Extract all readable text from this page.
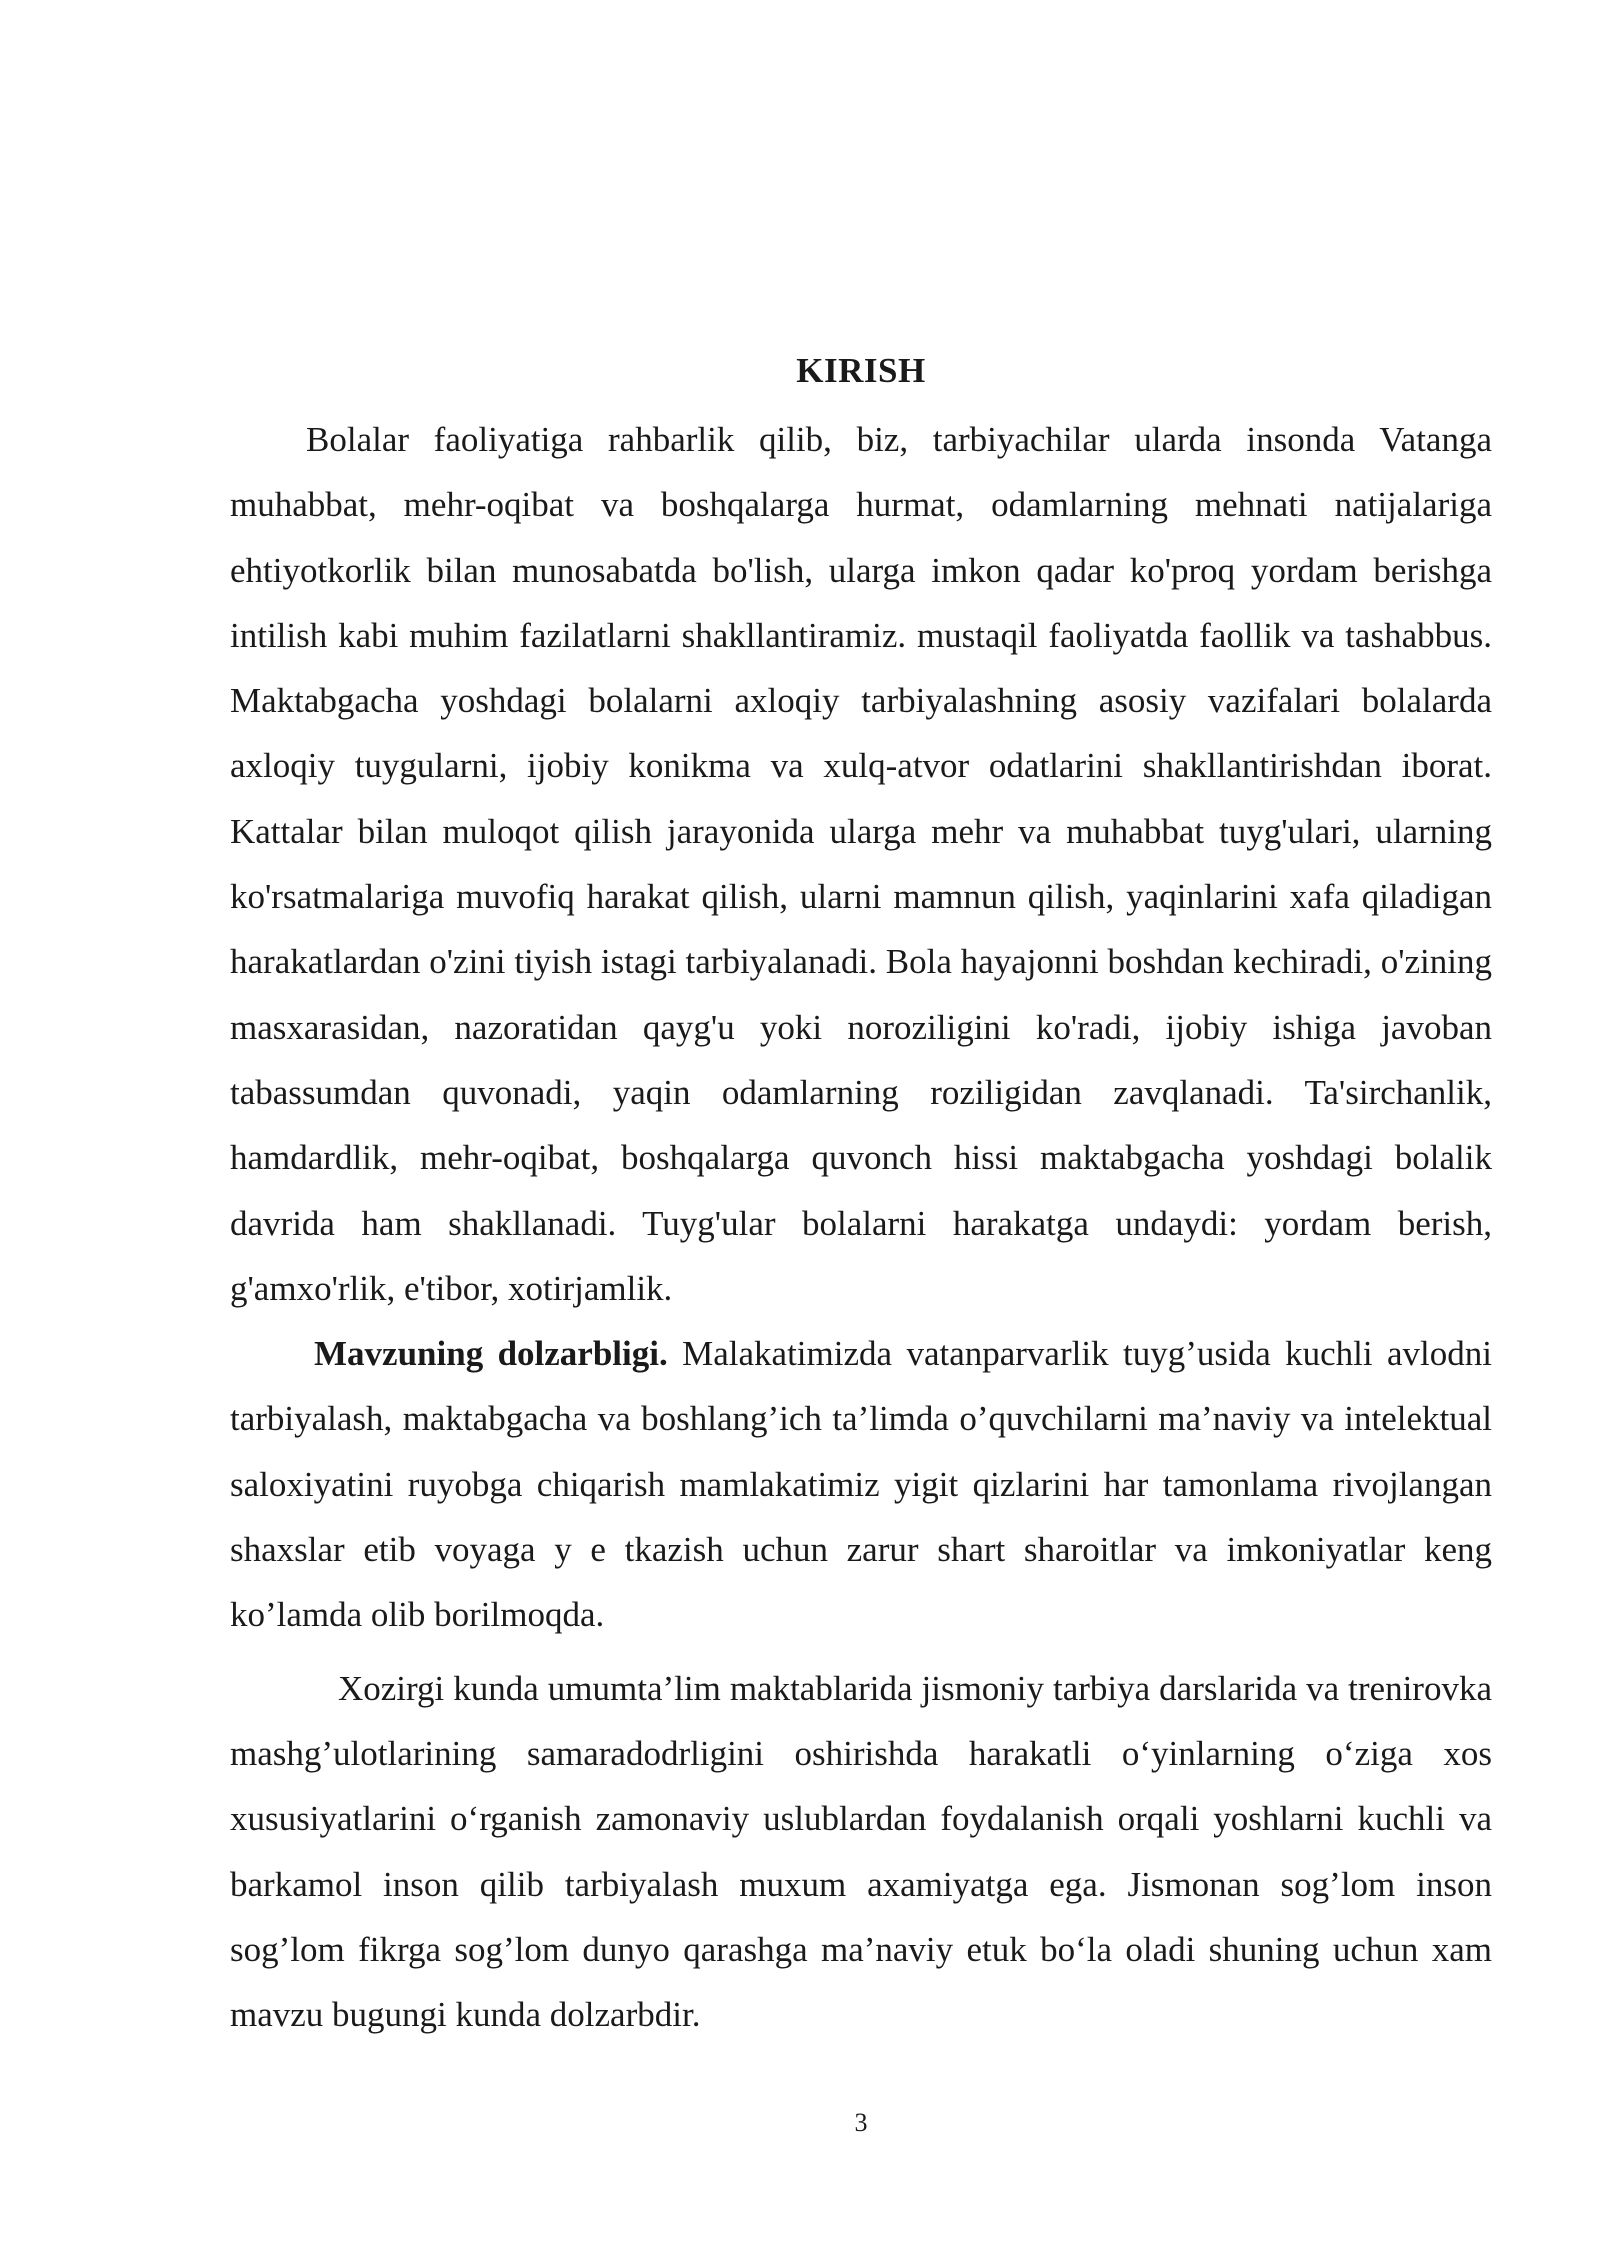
KIRISH

Bolalar faoliyatiga rahbarlik qilib, biz, tarbiyachilar ularda insonda Vatanga muhabbat, mehr-oqibat va boshqalarga hurmat, odamlarning mehnati natijalariga ehtiyotkorlik bilan munosabatda bo'lish, ularga imkon qadar ko'proq yordam berishga intilish kabi muhim fazilatlarni shakllantiramiz. mustaqil faoliyatda faollik va tashabbus. Maktabgacha yoshdagi bolalarni axloqiy tarbiyalashning asosiy vazifalari bolalarda axloqiy tuygularni, ijobiy konikma va xulq-atvor odatlarini shakllantirishdan iborat. Kattalar bilan muloqot qilish jarayonida ularga mehr va muhabbat tuyg'ulari, ularning ko'rsatmalariga muvofiq harakat qilish, ularni mamnun qilish, yaqinlarini xafa qiladigan harakatlardan o'zini tiyish istagi tarbiyalanadi. Bola hayajonni boshdan kechiradi, o'zining masxarasidan, nazoratidan qayg'u yoki noroziligini ko'radi, ijobiy ishiga javoban tabassumdan quvonadi, yaqin odamlarning roziligidan zavqlanadi. Ta'sirchanlik, hamdardlik, mehr-oqibat, boshqalarga quvonch hissi maktabgacha yoshdagi bolalik davrida ham shakllanadi. Tuyg'ular bolalarni harakatga undaydi: yordam berish, g'amxo'rlik, e'tibor, xotirjamlik.

Mavzuning dolzarbligi. Malakatimizda vatanparvarlik tuyg’usida kuchli avlodni tarbiyalash, maktabgacha va boshlang’ich ta’limda o’quvchilarni ma’naviy va intelektual saloxiyatini ruyobga chiqarish mamlakatimiz yigit qizlarini har tamonlama rivojlangan shaxslar etib voyaga y e tkazish uchun zarur shart sharoitlar va imkoniyatlar keng ko’lamda olib borilmoqda.

Xozirgi kunda umumta’lim maktablarida jismoniy tarbiya darslarida va trenirovka mashg’ulotlarining samaradodrligini oshirishda harakatli o‘yinlarning o‘ziga xos xususiyatlarini o‘rganish zamonaviy uslublardan foydalanish orqali yoshlarni kuchli va barkamol inson qilib tarbiyalash muxum axamiyatga ega. Jismonan sog’lom inson sog’lom fikrga sog’lom dunyo qarashga ma’naviy etuk bo‘la oladi shuning uchun xam mavzu bugungi kunda dolzarbdir.

3
